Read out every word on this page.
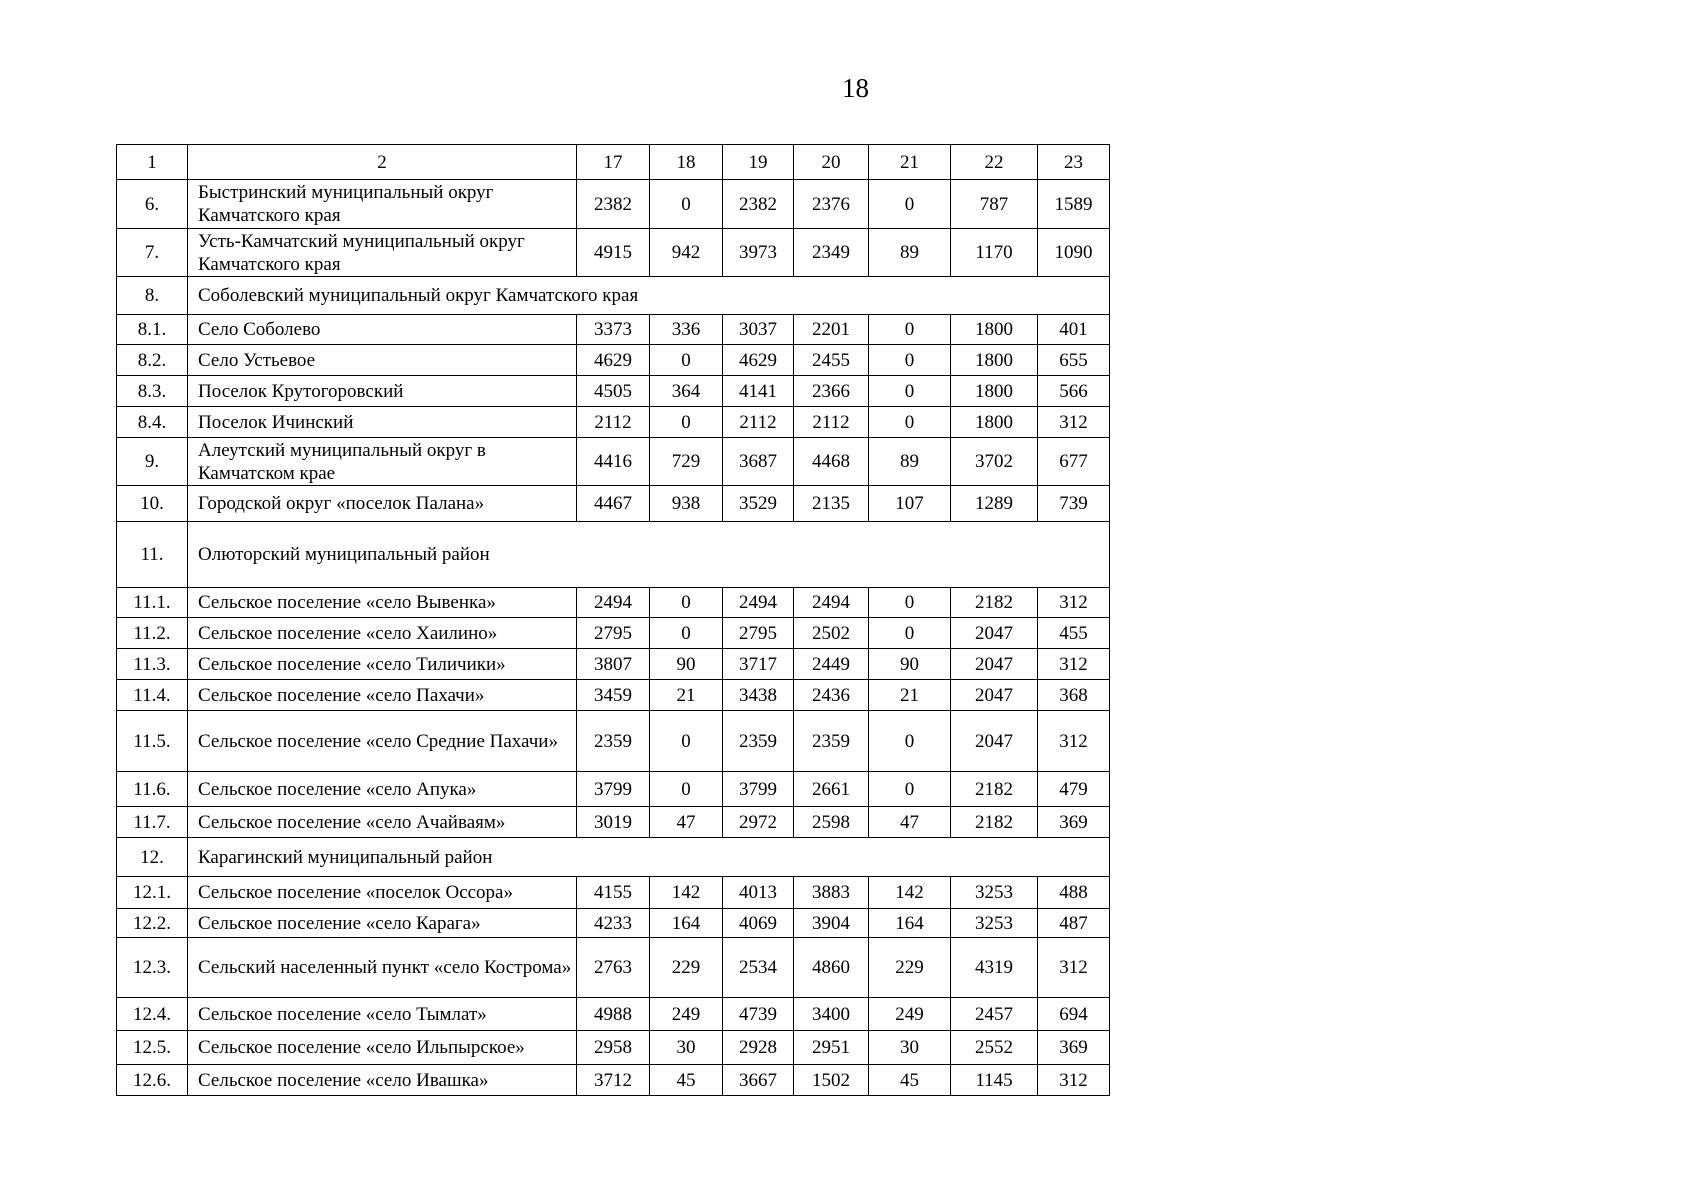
18
1	2	17	18	19	20	21	22	23
6.	Быстринский муниципальный округ Камчатского края	2382	0	2382	2376	0	787	1589
7.	Усть-Камчатский муниципальный округ Камчатского края	4915	942	3973	2349	89	1170	1090
8.	Соболевский муниципальный округ Камчатского края							
8.1.	Село Соболево	3373	336	3037	2201	0	1800	401
8.2.	Село Устьевое	4629	0	4629	2455	0	1800	655
8.3.	Поселок Крутогоровский	4505	364	4141	2366	0	1800	566
8.4.	Поселок Ичинский	2112	0	2112	2112	0	1800	312
9.	Алеутский муниципальный округ в Камчатском крае	4416	729	3687	4468	89	3702	677
10.	Городской округ «поселок Палана»	4467	938	3529	2135	107	1289	739
11.	Олюторский муниципальный район							
11.1.	Сельское поселение «село Вывенка»	2494	0	2494	2494	0	2182	312
11.2.	Сельское поселение «село Хаилино»	2795	0	2795	2502	0	2047	455
11.3.	Сельское поселение «село Тиличики»	3807	90	3717	2449	90	2047	312
11.4.	Сельское поселение «село Пахачи»	3459	21	3438	2436	21	2047	368
11.5.	Сельское поселение «село Средние Пахачи»	2359	0	2359	2359	0	2047	312
11.6.	Сельское поселение «село Апука»	3799	0	3799	2661	0	2182	479
11.7.	Сельское поселение «село Ачайваям»	3019	47	2972	2598	47	2182	369
12.	Карагинский муниципальный район							
12.1.	Сельское поселение «поселок Оссора»	4155	142	4013	3883	142	3253	488
12.2.	Сельское поселение «село Карага»	4233	164	4069	3904	164	3253	487
12.3.	Сельский населенный пункт «село Кострома»	2763	229	2534	4860	229	4319	312
12.4.	Сельское поселение «село Тымлат»	4988	249	4739	3400	249	2457	694
12.5.	Сельское поселение «село Ильпырское»	2958	30	2928	2951	30	2552	369
12.6.	Сельское поселение «село Ивашка»	3712	45	3667	1502	45	1145	312
